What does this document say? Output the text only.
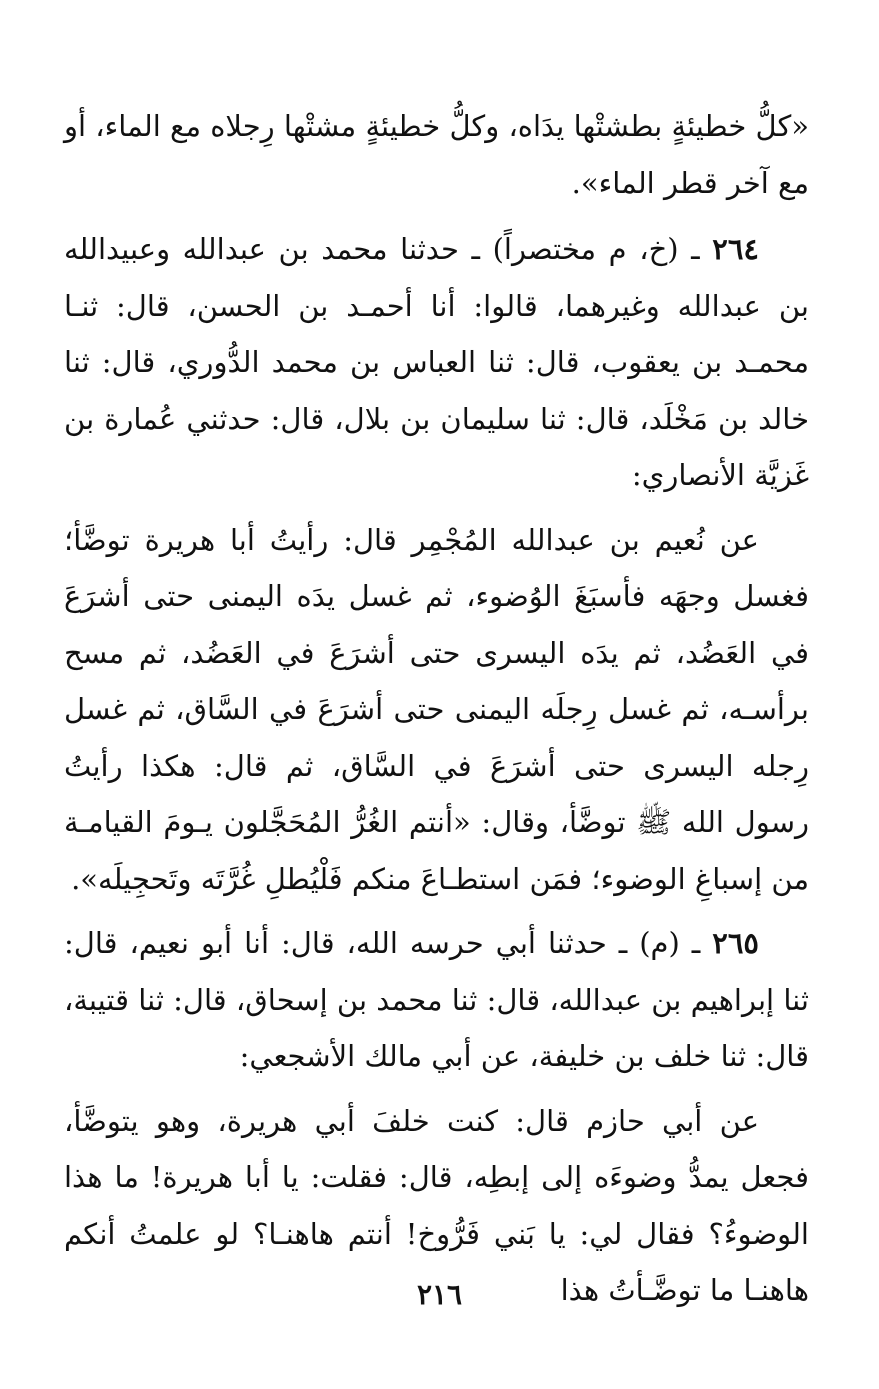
«كلُّ خطيئةٍ بطشتْها يدَاه، وكلُّ خطيئةٍ مشتْها رِجلاه مع الماء، أو مع آخر قطر الماء».

٢٦٤ ـ (خ، م مختصراً) ـ حدثنا محمد بن عبدالله وعبيدالله بن عبدالله وغيرهما، قالوا: أنا أحمـد بن الحسن، قال: ثنـا محمـد بن يعقوب، قال: ثنا العباس بن محمد الدُّوري، قال: ثنا خالد بن مَخْلَد، قال: ثنا سليمان بن بلال، قال: حدثني عُمارة بن غَزيَّة الأنصاري:

عن نُعيم بن عبدالله المُجْمِر قال: رأيتُ أبا هريرة توضَّأ؛ فغسل وجهَه فأسبَغَ الوُضوء، ثم غسل يدَه اليمنى حتى أشرَعَ في العَضُد، ثم يدَه اليسرى حتى أشرَعَ في العَضُد، ثم مسح برأسـه، ثم غسل رِجلَه اليمنى حتى أشرَعَ في السَّاق، ثم غسل رِجله اليسرى حتى أشرَعَ في السَّاق، ثم قال: هكذا رأيتُ رسول الله ﷺ توضَّأ، وقال: «أنتم الغُرُّ المُحَجَّلون يـومَ القيامـة من إسباغِ الوضوء؛ فمَن استطـاعَ منكم فَلْيُطلِ غُرَّتَه وتَحجِيلَه».

٢٦٥ ـ (م) ـ حدثنا أبي حرسه الله، قال: أنا أبو نعيم، قال: ثنا إبراهيم بن عبدالله، قال: ثنا محمد بن إسحاق، قال: ثنا قتيبة، قال: ثنا خلف بن خليفة، عن أبي مالك الأشجعي:

عن أبي حازم قال: كنت خلفَ أبي هريرة، وهو يتوضَّأ، فجعل يمدُّ وضوءَه إلى إبطِه، قال: فقلت: يا أبا هريرة! ما هذا الوضوءُ؟ فقال لي: يا بَني فَرُّوخ! أنتم هاهنـا؟ لو علمتُ أنكم هاهنـا ما توضَّـأتُ هذا

٢١٦
